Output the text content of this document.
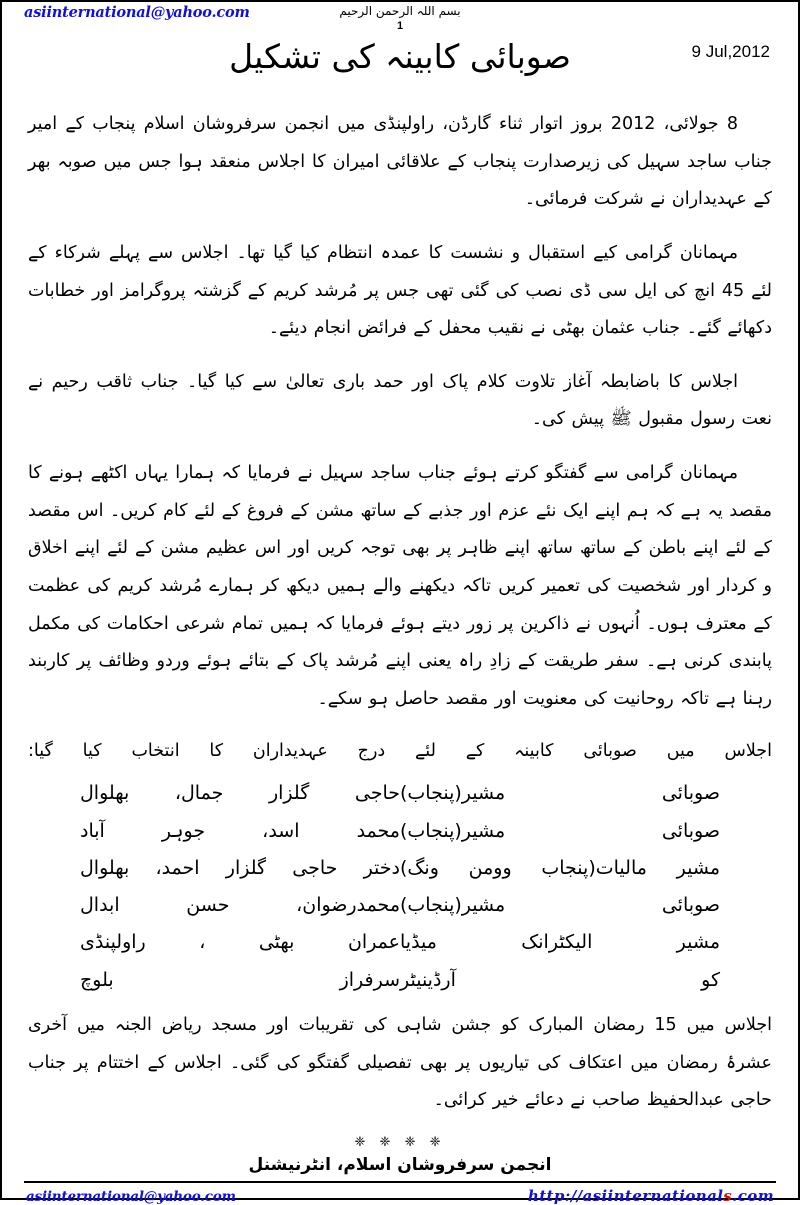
asiinternational@yahoo.com	بسم اللہ الرحمن الرحیم
1
صوبائی کابینہ کی تشکیل	9 Jul,2012

8 جولائی، 2012 بروز اتوار ثناء گارڈن، راولپنڈی میں انجمن سرفروشان اسلام پنجاب کے امیر جناب ساجد سہیل کی زیرصدارت پنجاب کے علاقائی امیران کا اجلاس منعقد ہوا جس میں صوبہ بھر کے عہدیداران نے شرکت فرمائی۔

مہمانان گرامی کیے استقبال و نشست کا عمدہ انتظام کیا گیا تھا۔ اجلاس سے پہلے شرکاء کے لئے 45 انچ کی ایل سی ڈی نصب کی گئی تھی جس پر مُرشد کریم کے گزشتہ پروگرامز اور خطابات دکھائے گئے۔ جناب عثمان بھٹی نے نقیب محفل کے فرائض انجام دیئے۔

اجلاس کا باضابطہ آغاز تلاوت کلام پاک اور حمد باری تعالیٰ سے کیا گیا۔ جناب ثاقب رحیم نے نعت رسول مقبول ﷺ پیش کی۔

مہمانان گرامی سے گفتگو کرتے ہوئے جناب ساجد سہیل نے فرمایا کہ ہمارا یہاں اکٹھے ہونے کا مقصد یہ ہے کہ ہم اپنے ایک نئے عزم اور جذبے کے ساتھ مشن کے فروغ کے لئے کام کریں۔ اس مقصد کے لئے اپنے باطن کے ساتھ ساتھ اپنے ظاہر پر بھی توجہ کریں اور اس عظیم مشن کے لئے اپنے اخلاق و کردار اور شخصیت کی تعمیر کریں تاکہ دیکھنے والے ہمیں دیکھ کر ہمارے مُرشد کریم کی عظمت کے معترف ہوں۔ اُنہوں نے ذاکرین پر زور دیتے ہوئے فرمایا کہ ہمیں تمام شرعی احکامات کی مکمل پابندی کرنی ہے۔ سفر طریقت کے زادِ راہ یعنی اپنے مُرشد پاک کے بتائے ہوئے وردو وظائف پر کاربند رہنا ہے تاکہ روحانیت کی معنویت اور مقصد حاصل ہو سکے۔

اجلاس میں صوبائی کابینہ کے لئے درج عہدیداران کا انتخاب کیا گیا:
صوبائی مشیر(پنجاب)	حاجی گلزار جمال، بھلوال
صوبائی مشیر(پنجاب)	محمد اسد، جوہر آباد
مشیر مالیات(پنجاب وومن ونگ)	دختر حاجی گلزار احمد، بھلوال
صوبائی مشیر(پنجاب)	محمدرضوان، حسن ابدال
مشیر الیکٹرانک میڈیا	عمران بھٹی ، راولپنڈی
کو آرڈینیٹر	سرفراز بلوچ

اجلاس میں 15 رمضان المبارک کو جشن شاہی کی تقریبات اور مسجد ریاض الجنہ میں آخری عشرۂ رمضان میں اعتکاف کی تیاریوں پر بھی تفصیلی گفتگو کی گئی۔ اجلاس کے اختتام پر جناب حاجی عبدالحفیظ صاحب نے دعائے خیر کرائی۔

❈ ❈ ❈ ❈
انجمن سرفروشان اسلام، انٹرنیشنل
asiinternational@yahoo.com	http://asiinternationals.com
